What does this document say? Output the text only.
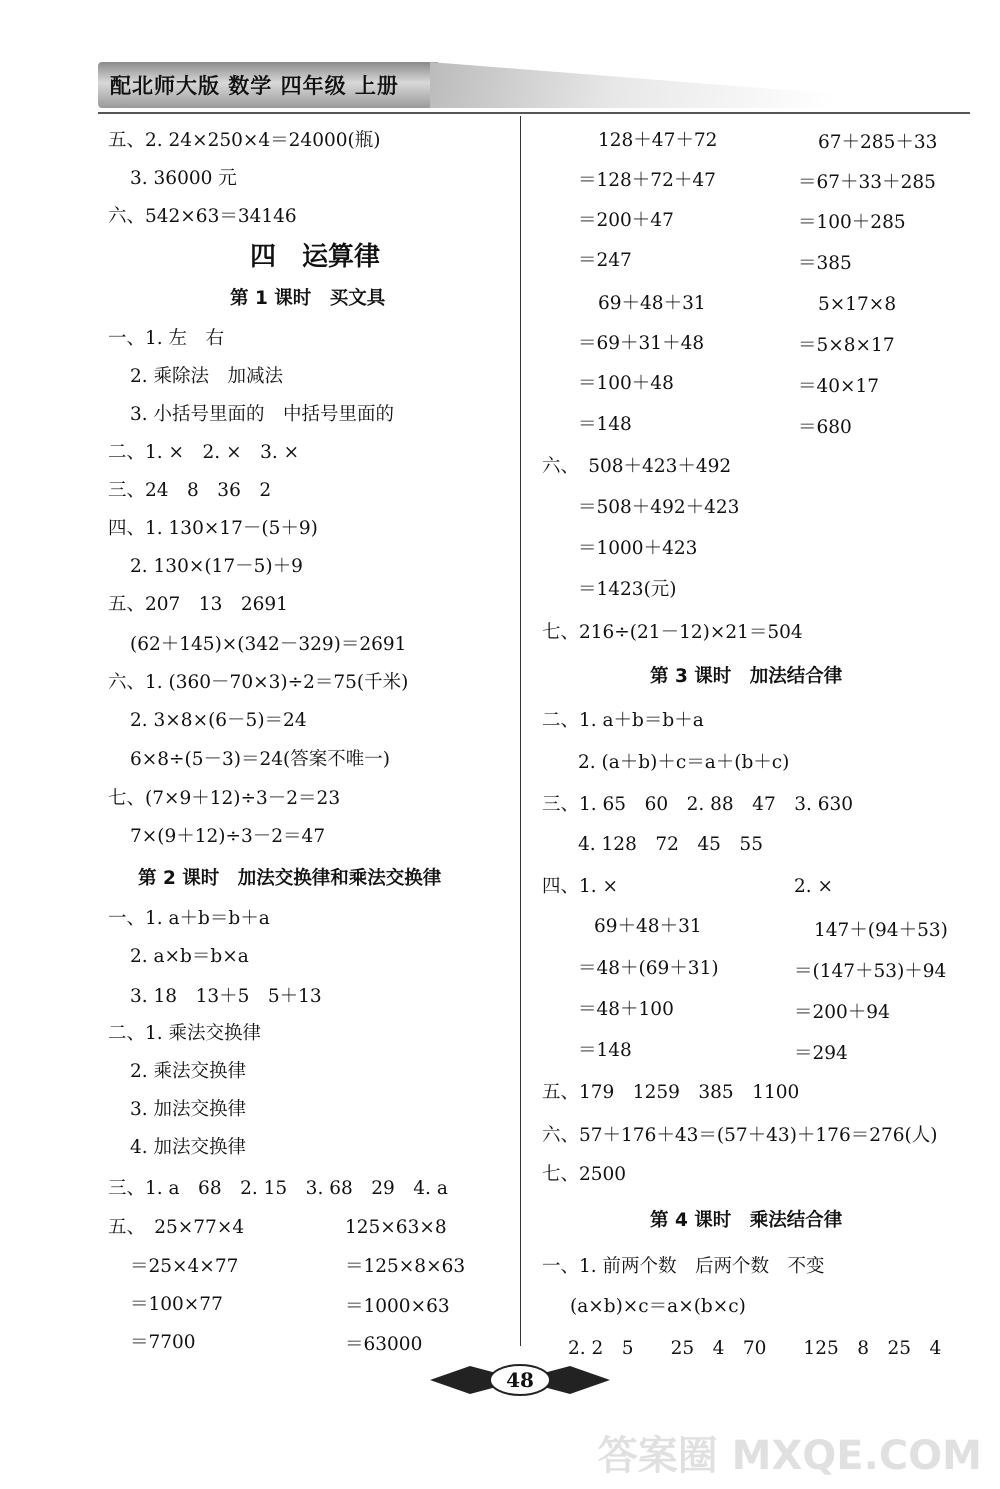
配北师大版 数学 四年级 上册
五、2. 24×250×4＝24000(瓶)
3. 36000 元
六、542×63＝34146
四　运算律
第 1 课时　买文具
一、1. 左　右
2. 乘除法　加减法
3. 小括号里面的　中括号里面的
二、1. ×　2. ×　3. ×
三、24　8　36　2
四、1. 130×17－(5＋9)
2. 130×(17－5)＋9
五、207　13　2691
(62＋145)×(342－329)＝2691
六、1. (360－70×3)÷2＝75(千米)
2. 3×8×(6－5)＝24
6×8÷(5－3)＝24(答案不唯一)
七、(7×9＋12)÷3－2＝23
7×(9＋12)÷3－2＝47
第 2 课时　加法交换律和乘法交换律
一、1. a＋b＝b＋a
2. a×b＝b×a
3. 18　13＋5　5＋13
二、1. 乘法交换律
2. 乘法交换律
3. 加法交换律
4. 加法交换律
三、1. a　68　2. 15　3. 68　29　4. a
五、　25×77×4	125×63×8
＝25×4×77	＝125×8×63
＝100×77	＝1000×63
＝7700	＝63000
128＋47＋72	67＋285＋33
＝128＋72＋47	＝67＋33＋285
＝200＋47	＝100＋285
＝247	＝385
69＋48＋31	5×17×8
＝69＋31＋48	＝5×8×17
＝100＋48	＝40×17
＝148	＝680
六、　508＋423＋492
＝508＋492＋423
＝1000＋423
＝1423(元)
七、216÷(21－12)×21＝504
第 3 课时　加法结合律
二、1. a＋b＝b＋a
2. (a＋b)＋c＝a＋(b＋c)
三、1. 65　60　2. 88　47　3. 630
4. 128　72　45　55
四、1. ×	2. ×
69＋48＋31	147＋(94＋53)
＝48＋(69＋31)	＝(147＋53)＋94
＝48＋100	＝200＋94
＝148	＝294
五、179　1259　385　1100
六、57＋176＋43＝(57＋43)＋176＝276(人)
七、2500
第 4 课时　乘法结合律
一、1. 前两个数　后两个数　不变
(a×b)×c＝a×(b×c)
2. 2　5　　25　4　70　　125　8　25　4
48
答案圈 MXQE.COM
